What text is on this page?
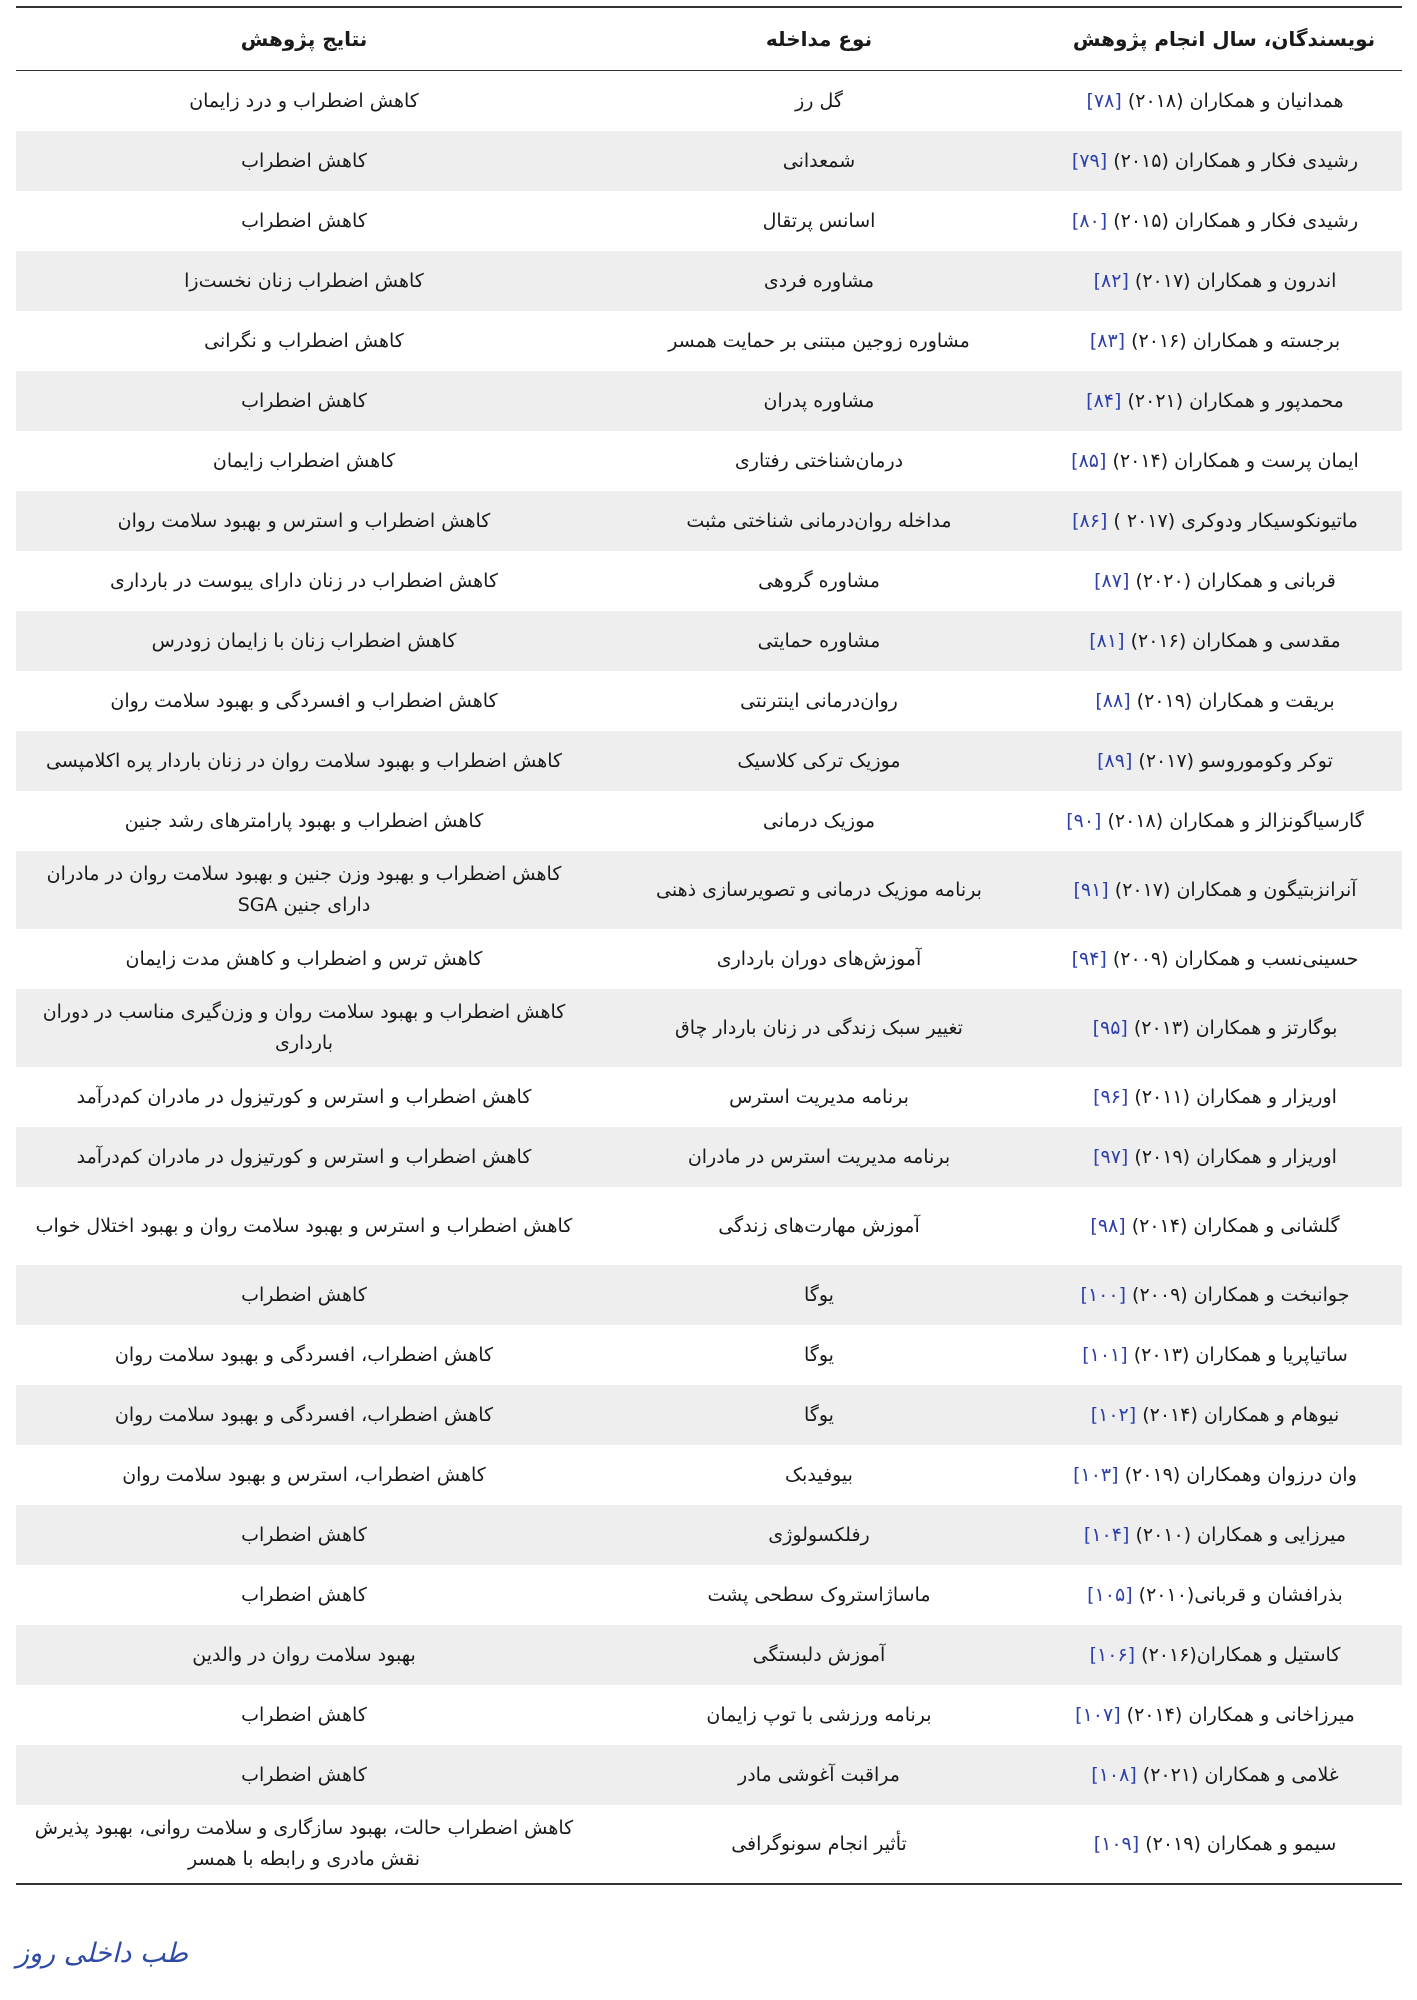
نویسندگان، سال انجام پژوهش	نوع مداخله	نتایج پژوهش
همدانیان و همکاران (۲۰۱۸) [۷۸]	گل رز	کاهش اضطراب و درد زایمان
رشیدی فکار و همکاران (۲۰۱۵) [۷۹]	شمعدانی	کاهش اضطراب
رشیدی فکار و همکاران (۲۰۱۵) [۸۰]	اسانس پرتقال	کاهش اضطراب
اندرون و همکاران (۲۰۱۷) [۸۲]	مشاوره فردی	کاهش اضطراب زنان نخست‌زا
برجسته و همکاران (۲۰۱۶) [۸۳]	مشاوره زوجین مبتنی بر حمایت همسر	کاهش اضطراب و نگرانی
محمدپور و همکاران (۲۰۲۱) [۸۴]	مشاوره پدران	کاهش اضطراب
ایمان پرست و همکاران (۲۰۱۴) [۸۵]	درمان‌شناختی رفتاری	کاهش اضطراب زایمان
ماتیونکوسیکار ودوکری (۲۰۱۷ ) [۸۶]	مداخله روان‌درمانی شناختی مثبت	کاهش اضطراب و استرس و بهبود سلامت روان
قربانی و همکاران (۲۰۲۰) [۸۷]	مشاوره گروهی	کاهش اضطراب در زنان دارای یبوست در بارداری
مقدسی و همکاران (۲۰۱۶) [۸۱]	مشاوره حمایتی	کاهش اضطراب زنان با زایمان زودرس
بریقت و همکاران (۲۰۱۹) [۸۸]	روان‌درمانی اینترنتی	کاهش اضطراب و افسردگی و بهبود سلامت روان
توکر وکوموروسو (۲۰۱۷) [۸۹]	موزیک ترکی کلاسیک	کاهش اضطراب و بهبود سلامت روان در زنان باردار پره اکلامپسی
گارسیاگونزالز و همکاران (۲۰۱۸) [۹۰]	موزیک درمانی	کاهش اضطراب و بهبود پارامترهای رشد جنین
آنرانزبتیگون و همکاران (۲۰۱۷) [۹۱]	برنامه موزیک درمانی و تصویرسازی ذهنی	کاهش اضطراب و بهبود وزن جنین و بهبود سلامت روان در مادران دارای جنین SGA
حسینی‌نسب و همکاران (۲۰۰۹) [۹۴]	آموزش‌های دوران بارداری	کاهش ترس و اضطراب و کاهش مدت زایمان
بوگارتز و همکاران (۲۰۱۳) [۹۵]	تغییر سبک زندگی در زنان باردار چاق	کاهش اضطراب و بهبود سلامت روان و وزن‌گیری مناسب در دوران بارداری
اوریزار و همکاران (۲۰۱۱) [۹۶]	برنامه مدیریت استرس	کاهش اضطراب و استرس و کورتیزول در مادران کم‌درآمد
اوریزار و همکاران (۲۰۱۹) [۹۷]	برنامه مدیریت استرس در مادران	کاهش اضطراب و استرس و کورتیزول در مادران کم‌درآمد
گلشانی و همکاران (۲۰۱۴) [۹۸]	آموزش مهارت‌های زندگی	کاهش اضطراب و استرس و بهبود سلامت روان و بهبود اختلال خواب
جوانبخت و همکاران (۲۰۰۹) [۱۰۰]	یوگا	کاهش اضطراب
ساتیاپریا و همکاران (۲۰۱۳) [۱۰۱]	یوگا	کاهش اضطراب، افسردگی و بهبود سلامت روان
نیوهام و همکاران (۲۰۱۴) [۱۰۲]	یوگا	کاهش اضطراب، افسردگی و بهبود سلامت روان
وان درزوان وهمکاران (۲۰۱۹) [۱۰۳]	بیوفیدبک	کاهش اضطراب، استرس و بهبود سلامت روان
میرزایی و همکاران (۲۰۱۰) [۱۰۴]	رفلکسولوژی	کاهش اضطراب
بذرافشان و قربانی(۲۰۱۰) [۱۰۵]	ماساژاستروک سطحی پشت	کاهش اضطراب
کاستیل و همکاران(۲۰۱۶) [۱۰۶]	آموزش دلبستگی	بهبود سلامت روان در والدین
میرزاخانی و همکاران (۲۰۱۴) [۱۰۷]	برنامه ورزشی با توپ زایمان	کاهش اضطراب
غلامی و همکاران (۲۰۲۱) [۱۰۸]	مراقبت آغوشی مادر	کاهش اضطراب
سیمو و همکاران (۲۰۱۹) [۱۰۹]	تأثیر انجام سونوگرافی	کاهش اضطراب حالت، بهبود سازگاری و سلامت روانی، بهبود پذیرش نقش مادری و رابطه با همسر
طب داخلی روز
